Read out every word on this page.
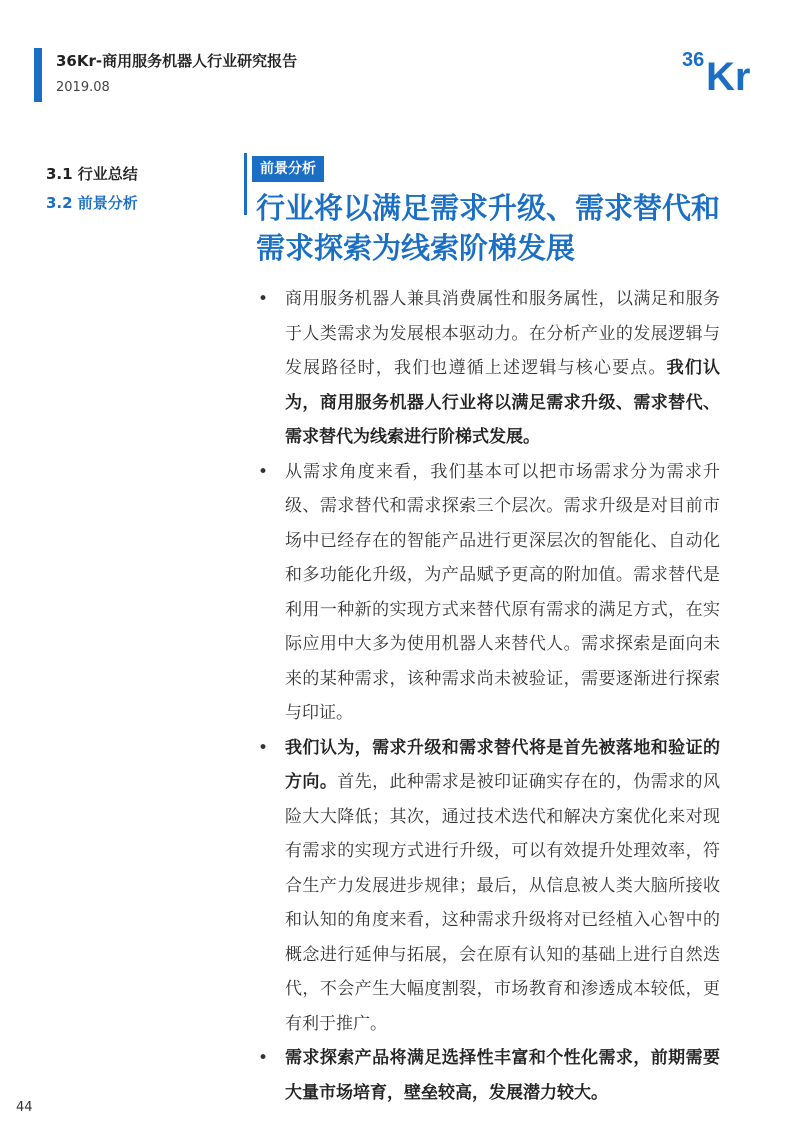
36Kr-商用服务机器人行业研究报告
2019.08
36 Kr
3.1 行业总结
3.2 前景分析
前景分析
行业将以满足需求升级、需求替代和需求探索为线索阶梯发展
• 商用服务机器人兼具消费属性和服务属性，以满足和服务于人类需求为发展根本驱动力。在分析产业的发展逻辑与发展路径时，我们也遵循上述逻辑与核心要点。我们认为，商用服务机器人行业将以满足需求升级、需求替代、需求替代为线索进行阶梯式发展。
• 从需求角度来看，我们基本可以把市场需求分为需求升级、需求替代和需求探索三个层次。需求升级是对目前市场中已经存在的智能产品进行更深层次的智能化、自动化和多功能化升级，为产品赋予更高的附加值。需求替代是利用一种新的实现方式来替代原有需求的满足方式，在实际应用中大多为使用机器人来替代人。需求探索是面向未来的某种需求，该种需求尚未被验证，需要逐渐进行探索与印证。
• 我们认为，需求升级和需求替代将是首先被落地和验证的方向。首先，此种需求是被印证确实存在的，伪需求的风险大大降低；其次，通过技术迭代和解决方案优化来对现有需求的实现方式进行升级，可以有效提升处理效率，符合生产力发展进步规律；最后，从信息被人类大脑所接收和认知的角度来看，这种需求升级将对已经植入心智中的概念进行延伸与拓展，会在原有认知的基础上进行自然迭代，不会产生大幅度割裂，市场教育和渗透成本较低，更有利于推广。
• 需求探索产品将满足选择性丰富和个性化需求，前期需要大量市场培育，壁垒较高，发展潜力较大。
44
